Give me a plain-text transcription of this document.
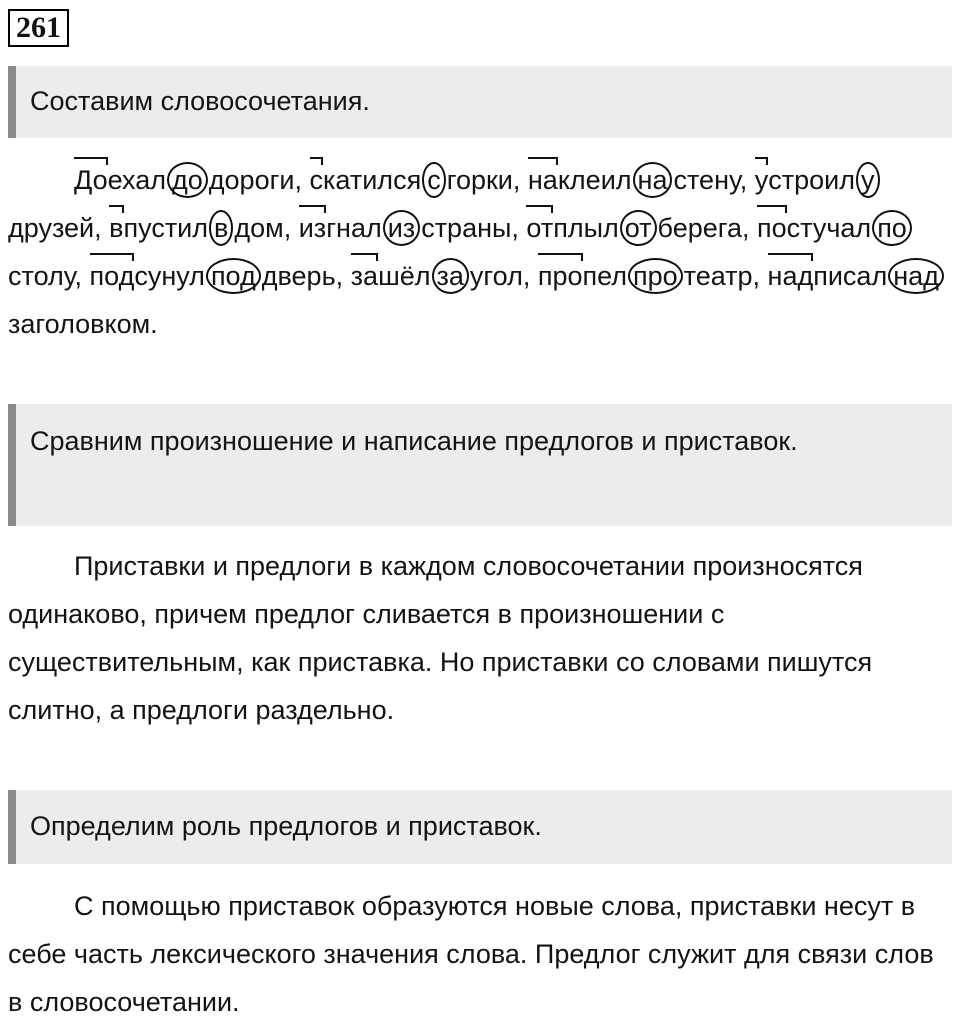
261
Составим словосочетания.
Доехал до дороги, скатился с горки, наклеил на стену, устроил удрузей, впустил в дом, изгнал из страны, отплыл от берега, постучал постолу, подсунул под дверь, зашёл за угол, пропел про театр, надписал надзаголовком.
Сравним произношение и написание предлогов и приставок.
Приставки и предлоги в каждом словосочетании произносятся одинаково, причем предлог сливается в произношении с существительным, как приставка. Но приставки со словами пишутся слитно, а предлоги раздельно.
Определим роль предлогов и приставок.
С помощью приставок образуются новые слова, приставки несут в себе часть лексического значения слова. Предлог служит для связи слов в словосочетании.
